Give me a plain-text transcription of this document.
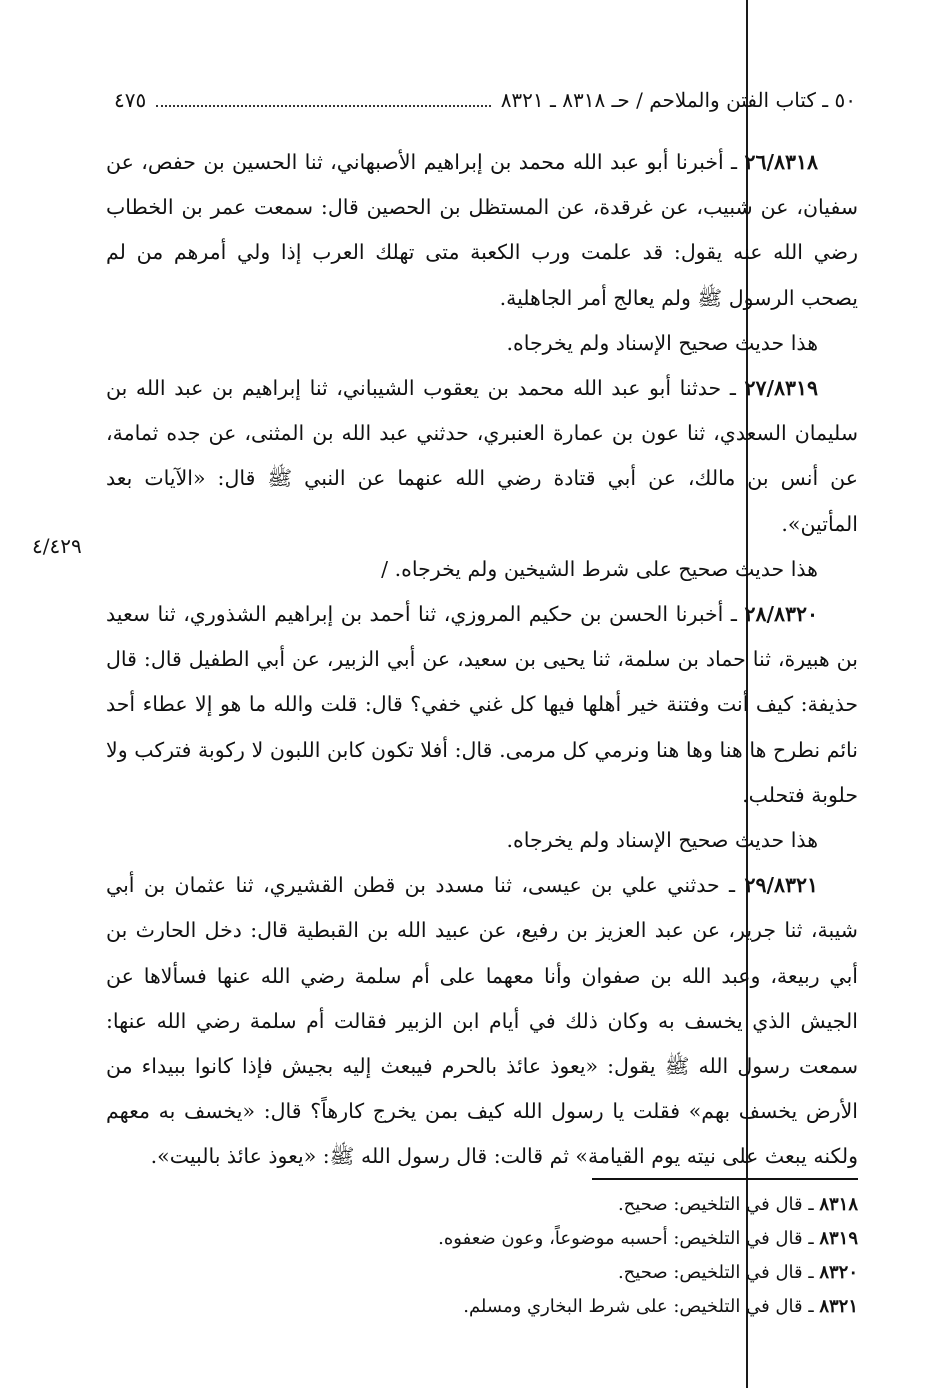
٥٠ ـ كتاب الفتن والملاحم / حـ ٨٣١٨ ـ ٨٣٢١
٤٧٥
٤/٤٢٩

٢٦/٨٣١٨ ـ أخبرنا أبو عبد الله محمد بن إبراهيم الأصبهاني، ثنا الحسين بن حفص، عن سفيان، عن شبيب، عن غرقدة، عن المستظل بن الحصين قال: سمعت عمر بن الخطاب رضي الله عنه يقول: قد علمت ورب الكعبة متى تهلك العرب إذا ولي أمرهم من لم يصحب الرسول ﷺ ولم يعالج أمر الجاهلية.

هذا حديث صحيح الإسناد ولم يخرجاه.

٢٧/٨٣١٩ ـ حدثنا أبو عبد الله محمد بن يعقوب الشيباني، ثنا إبراهيم بن عبد الله بن سليمان السعدي، ثنا عون بن عمارة العنبري، حدثني عبد الله بن المثنى، عن جده ثمامة، عن أنس بن مالك، عن أبي قتادة رضي الله عنهما عن النبي ﷺ قال: «الآيات بعد المأتين».

هذا حديث صحيح على شرط الشيخين ولم يخرجاه. /

٢٨/٨٣٢٠ ـ أخبرنا الحسن بن حكيم المروزي، ثنا أحمد بن إبراهيم الشذوري، ثنا سعيد بن هبيرة، ثنا حماد بن سلمة، ثنا يحيى بن سعيد، عن أبي الزبير، عن أبي الطفيل قال: قال حذيفة: كيف أنت وفتنة خير أهلها فيها كل غني خفي؟ قال: قلت والله ما هو إلا عطاء أحد نائم نطرح ها هنا وها هنا ونرمي كل مرمى. قال: أفلا تكون كابن اللبون لا ركوبة فتركب ولا حلوبة فتحلب.

هذا حديث صحيح الإسناد ولم يخرجاه.

٢٩/٨٣٢١ ـ حدثني علي بن عيسى، ثنا مسدد بن قطن القشيري، ثنا عثمان بن أبي شيبة، ثنا جرير، عن عبد العزيز بن رفيع، عن عبيد الله بن القبطية قال: دخل الحارث بن أبي ربيعة، وعبد الله بن صفوان وأنا معهما على أم سلمة رضي الله عنها فسألاها عن الجيش الذي يخسف به وكان ذلك في أيام ابن الزبير فقالت أم سلمة رضي الله عنها: سمعت رسول الله ﷺ يقول: «يعوذ عائذ بالحرم فيبعث إليه بجيش فإذا كانوا ببيداء من الأرض يخسف بهم» فقلت يا رسول الله كيف بمن يخرج كارهاً؟ قال: «يخسف به معهم ولكنه يبعث على نيته يوم القيامة» ثم قالت: قال رسول الله ﷺ: «يعوذ عائذ بالبيت».

٨٣١٨ ـ قال في التلخيص: صحيح.
٨٣١٩ ـ قال في التلخيص: أحسبه موضوعاً، وعون ضعفوه.
٨٣٢٠ ـ قال في التلخيص: صحيح.
٨٣٢١ ـ قال في التلخيص: على شرط البخاري ومسلم.
